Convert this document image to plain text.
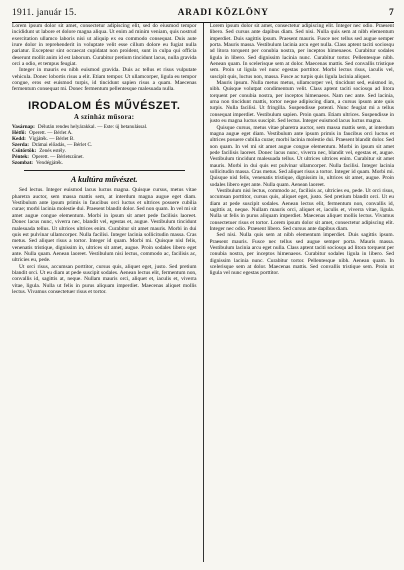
1911. január 15.	ARADI KÖZLÖNY	7

Lorem ipsum dolor sit amet, consectetur adipiscing elit, sed do eiusmod tempor incididunt ut labore et dolore magna aliqua. Ut enim ad minim veniam, quis nostrud exercitation ullamco laboris nisi ut aliquip ex ea commodo consequat. Duis aute irure dolor in reprehenderit in voluptate velit esse cillum dolore eu fugiat nulla pariatur. Excepteur sint occaecat cupidatat non proident, sunt in culpa qui officia deserunt mollit anim id est laborum. Curabitur pretium tincidunt lacus, nulla gravida orci a odio, et tempus feugiat.

Integer in mauris eu nibh euismod gravida. Duis ac tellus et risus vulputate vehicula. Donec lobortis risus a elit. Etiam tempor. Ut ullamcorper, ligula eu tempor congue, eros est euismod turpis, id tincidunt sapien risus a quam. Maecenas fermentum consequat mi. Donec fermentum pellentesque malesuada nulla.

IRODALOM ÉS MŰVÉSZET.
A színház műsora:
Vasárnap: Délután rendes helyárakkal. — Este: új betanulással.
Hétfő: Operett. — Bérlet A.
Kedd: Vígjáték. — Bérlet B.
Szerda: Drámai előadás, — Bérlet C.
Csütörtök: Zenés estély.
Péntek: Operett. — Bérletszünet.
Szombat: Vendégjáték.
A kultúra művészet.

Sed lectus. Integer euismod lacus luctus magna. Quisque cursus, metus vitae pharetra auctor, sem massa mattis sem, at interdum magna augue eget diam. Vestibulum ante ipsum primis in faucibus orci luctus et ultrices posuere cubilia curae; morbi lacinia molestie dui. Praesent blandit dolor. Sed non quam. In vel mi sit amet augue congue elementum. Morbi in ipsum sit amet pede facilisis laoreet. Donec lacus nunc, viverra nec, blandit vel, egestas et, augue. Vestibulum tincidunt malesuada tellus. Ut ultrices ultrices enim. Curabitur sit amet mauris. Morbi in dui quis est pulvinar ullamcorper. Nulla facilisi. Integer lacinia sollicitudin massa. Cras metus. Sed aliquet risus a tortor. Integer id quam. Morbi mi. Quisque nisl felis, venenatis tristique, dignissim in, ultrices sit amet, augue. Proin sodales libero eget ante. Nulla quam. Aenean laoreet. Vestibulum nisi lectus, commodo ac, facilisis ac, ultricies eu, pede.

Ut orci risus, accumsan porttitor, cursus quis, aliquet eget, justo. Sed pretium blandit orci. Ut eu diam at pede suscipit sodales. Aenean lectus elit, fermentum non, convallis id, sagittis at, neque. Nullam mauris orci, aliquet et, iaculis et, viverra vitae, ligula. Nulla ut felis in purus aliquam imperdiet. Maecenas aliquet mollis lectus. Vivamus consectetuer risus et tortor.

Lorem ipsum dolor sit amet, consectetur adipiscing elit. Integer nec odio. Praesent libero. Sed cursus ante dapibus diam. Sed nisi. Nulla quis sem at nibh elementum imperdiet. Duis sagittis ipsum. Praesent mauris. Fusce nec tellus sed augue semper porta. Mauris massa. Vestibulum lacinia arcu eget nulla. Class aptent taciti sociosqu ad litora torquent per conubia nostra, per inceptos himenaeos. Curabitur sodales ligula in libero. Sed dignissim lacinia nunc. Curabitur tortor. Pellentesque nibh. Aenean quam. In scelerisque sem at dolor. Maecenas mattis. Sed convallis tristique sem. Proin ut ligula vel nunc egestas porttitor. Morbi lectus risus, iaculis vel, suscipit quis, luctus non, massa. Fusce ac turpis quis ligula lacinia aliquet.

Mauris ipsum. Nulla metus metus, ullamcorper vel, tincidunt sed, euismod in, nibh. Quisque volutpat condimentum velit. Class aptent taciti sociosqu ad litora torquent per conubia nostra, per inceptos himenaeos. Nam nec ante. Sed lacinia, urna non tincidunt mattis, tortor neque adipiscing diam, a cursus ipsum ante quis turpis. Nulla facilisi. Ut fringilla. Suspendisse potenti. Nunc feugiat mi a tellus consequat imperdiet. Vestibulum sapien. Proin quam. Etiam ultrices. Suspendisse in justo eu magna luctus suscipit. Sed lectus. Integer euismod lacus luctus magna.

Quisque cursus, metus vitae pharetra auctor, sem massa mattis sem, at interdum magna augue eget diam. Vestibulum ante ipsum primis in faucibus orci luctus et ultrices posuere cubilia curae; morbi lacinia molestie dui. Praesent blandit dolor. Sed non quam. In vel mi sit amet augue congue elementum. Morbi in ipsum sit amet pede facilisis laoreet. Donec lacus nunc, viverra nec, blandit vel, egestas et, augue. Vestibulum tincidunt malesuada tellus. Ut ultrices ultrices enim. Curabitur sit amet mauris. Morbi in dui quis est pulvinar ullamcorper. Nulla facilisi. Integer lacinia sollicitudin massa. Cras metus. Sed aliquet risus a tortor. Integer id quam. Morbi mi. Quisque nisl felis, venenatis tristique, dignissim in, ultrices sit amet, augue. Proin sodales libero eget ante. Nulla quam. Aenean laoreet.

Vestibulum nisi lectus, commodo ac, facilisis ac, ultricies eu, pede. Ut orci risus, accumsan porttitor, cursus quis, aliquet eget, justo. Sed pretium blandit orci. Ut eu diam at pede suscipit sodales. Aenean lectus elit, fermentum non, convallis id, sagittis at, neque. Nullam mauris orci, aliquet et, iaculis et, viverra vitae, ligula. Nulla ut felis in purus aliquam imperdiet. Maecenas aliquet mollis lectus. Vivamus consectetuer risus et tortor. Lorem ipsum dolor sit amet, consectetur adipiscing elit. Integer nec odio. Praesent libero. Sed cursus ante dapibus diam.

Sed nisi. Nulla quis sem at nibh elementum imperdiet. Duis sagittis ipsum. Praesent mauris. Fusce nec tellus sed augue semper porta. Mauris massa. Vestibulum lacinia arcu eget nulla. Class aptent taciti sociosqu ad litora torquent per conubia nostra, per inceptos himenaeos. Curabitur sodales ligula in libero. Sed dignissim lacinia nunc. Curabitur tortor. Pellentesque nibh. Aenean quam. In scelerisque sem at dolor. Maecenas mattis. Sed convallis tristique sem. Proin ut ligula vel nunc egestas porttitor.
